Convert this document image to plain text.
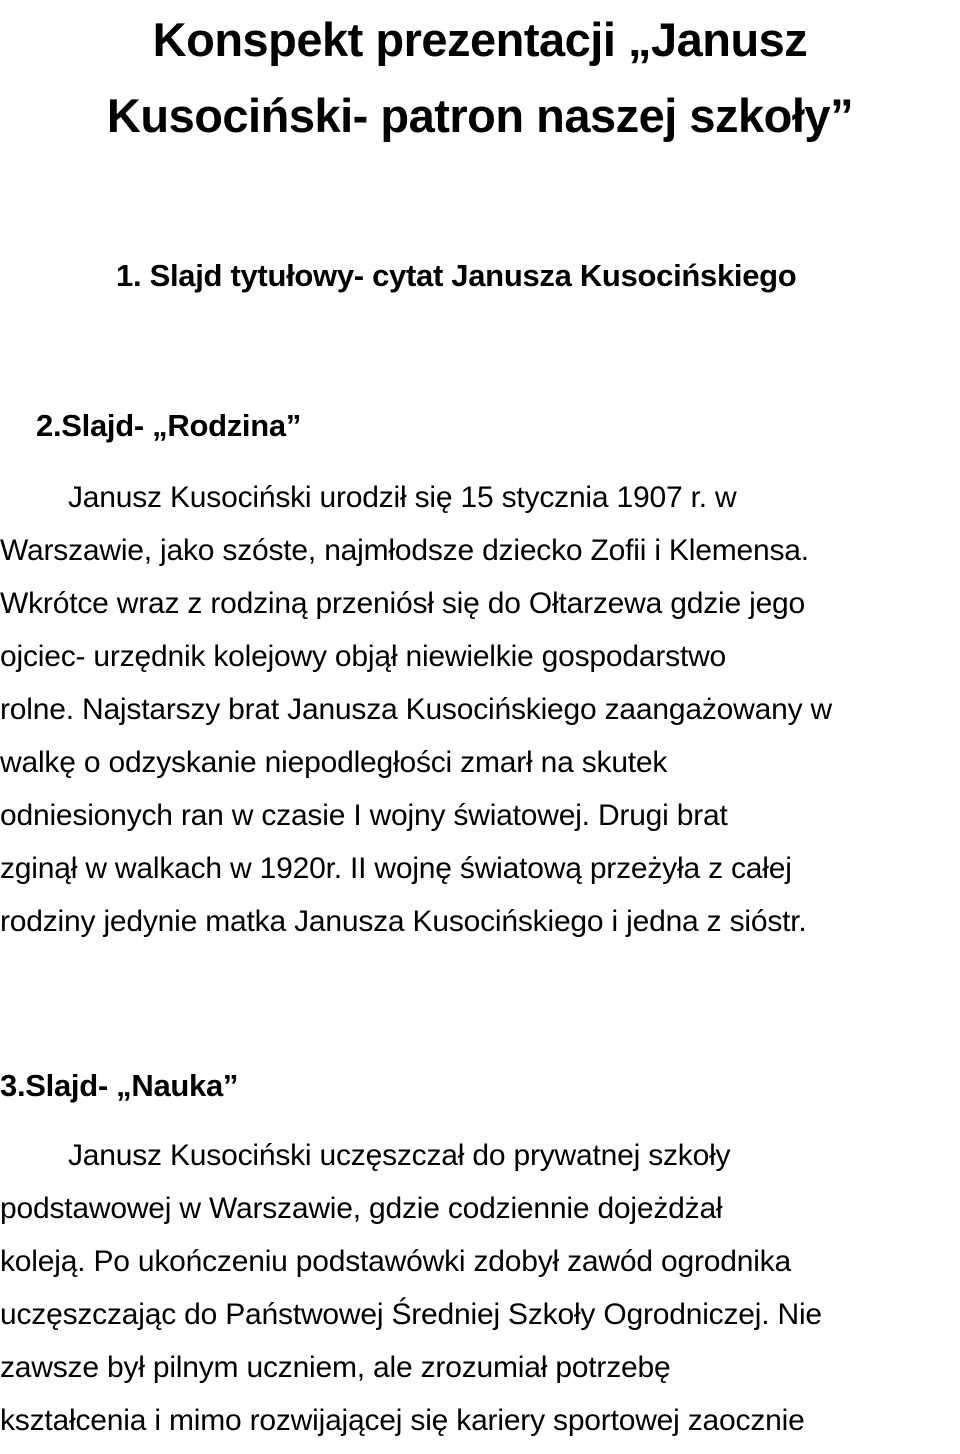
Konspekt prezentacji „Janusz
Kusociński- patron naszej szkoły”
1. Slajd tytułowy- cytat Janusza Kusocińskiego
2.Slajd- „Rodzina”

Janusz Kusociński urodził się 15 stycznia 1907 r. w
Warszawie, jako szóste, najmłodsze dziecko Zofii i Klemensa.
Wkrótce wraz z rodziną przeniósł się do Ołtarzewa gdzie jego
ojciec- urzędnik kolejowy objął niewielkie gospodarstwo
rolne. Najstarszy brat Janusza Kusocińskiego zaangażowany w
walkę o odzyskanie niepodległości zmarł na skutek
odniesionych ran w czasie I wojny światowej. Drugi brat
zginął w walkach w 1920r. II wojnę światową przeżyła z całej
rodziny jedynie matka Janusza Kusocińskiego i jedna z sióstr.

3.Slajd- „Nauka”

Janusz Kusociński uczęszczał do prywatnej szkoły
podstawowej w Warszawie, gdzie codziennie dojeżdżał
koleją. Po ukończeniu podstawówki zdobył zawód ogrodnika
uczęszczając do Państwowej Średniej Szkoły Ogrodniczej. Nie
zawsze był pilnym uczniem, ale zrozumiał potrzebę
kształcenia i mimo rozwijającej się kariery sportowej zaocznie
